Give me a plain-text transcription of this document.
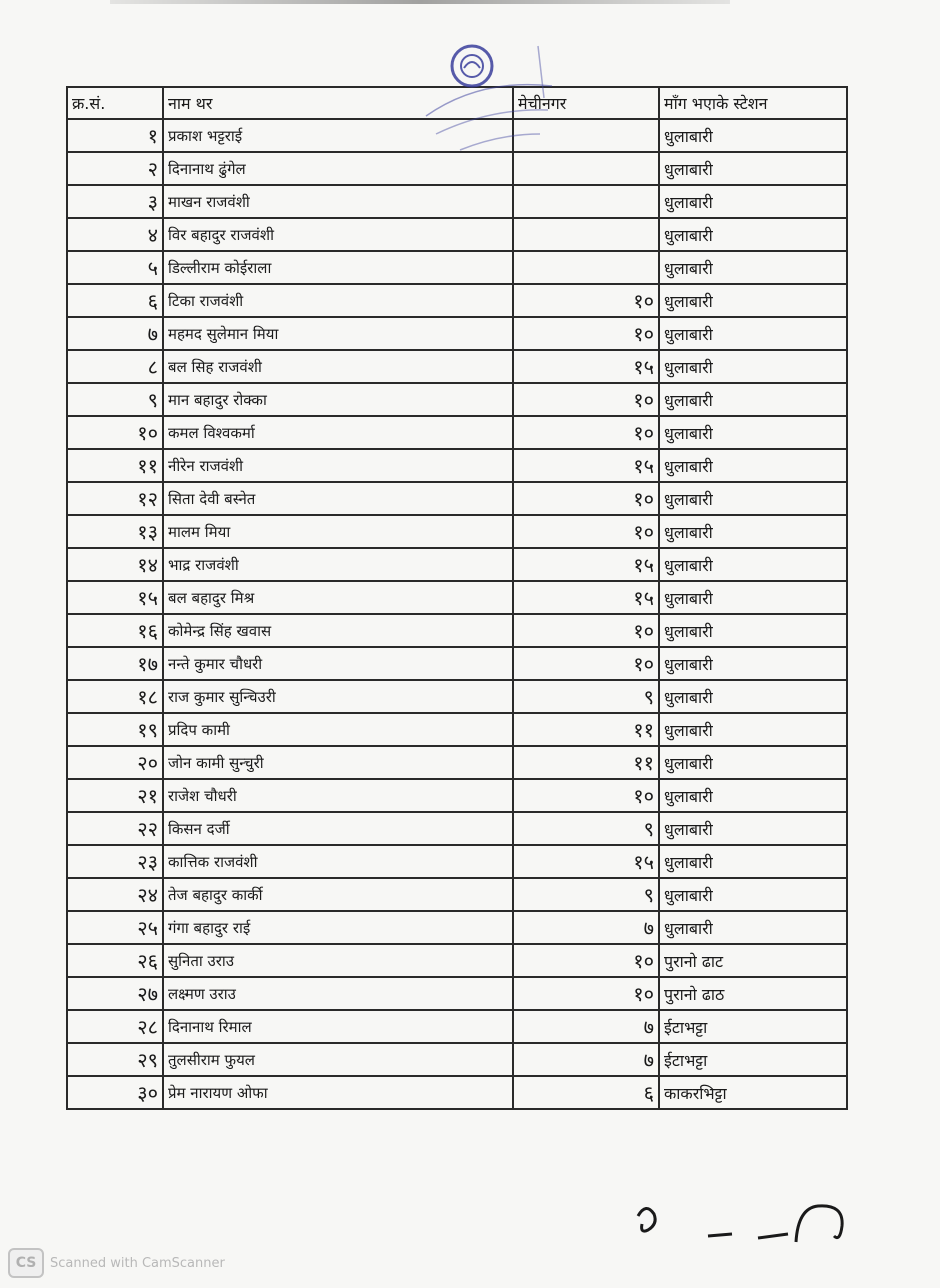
क्र.सं.	नाम थर	मेचीनगर	माँग भएाके स्टेशन
१	प्रकाश भट्टराई		धुलाबारी
२	दिनानाथ ढुंगेल		धुलाबारी
३	माखन राजवंशी		धुलाबारी
४	विर बहादुर राजवंशी		धुलाबारी
५	डिल्लीराम कोईराला		धुलाबारी
६	टिका राजवंशी	१०	धुलाबारी
७	महमद सुलेमान मिया	१०	धुलाबारी
८	बल सिह राजवंशी	१५	धुलाबारी
९	मान बहादुर रोक्का	१०	धुलाबारी
१०	कमल विश्वकर्मा	१०	धुलाबारी
११	नीरेन राजवंशी	१५	धुलाबारी
१२	सिता देवी बस्नेत	१०	धुलाबारी
१३	मालम मिया	१०	धुलाबारी
१४	भाद्र राजवंशी	१५	धुलाबारी
१५	बल बहादुर मिश्र	१५	धुलाबारी
१६	कोमेन्द्र सिंह खवास	१०	धुलाबारी
१७	नन्ते कुमार चौधरी	१०	धुलाबारी
१८	राज कुमार सुन्चिउरी	९	धुलाबारी
१९	प्रदिप कामी	११	धुलाबारी
२०	जोन कामी सुन्चुरी	११	धुलाबारी
२१	राजेश चौधरी	१०	धुलाबारी
२२	किसन दर्जी	९	धुलाबारी
२३	कात्तिक राजवंशी	१५	धुलाबारी
२४	तेज बहादुर कार्की	९	धुलाबारी
२५	गंगा बहादुर राई	७	धुलाबारी
२६	सुनिता उराउ	१०	पुरानो ढाट
२७	लक्ष्मण उराउ	१०	पुरानो ढाठ
२८	दिनानाथ रिमाल	७	ईटाभट्टा
२९	तुलसीराम फुयल	७	ईटाभट्टा
३०	प्रेम नारायण ओफा	६	काकरभिट्टा
CS	Scanned with CamScanner
